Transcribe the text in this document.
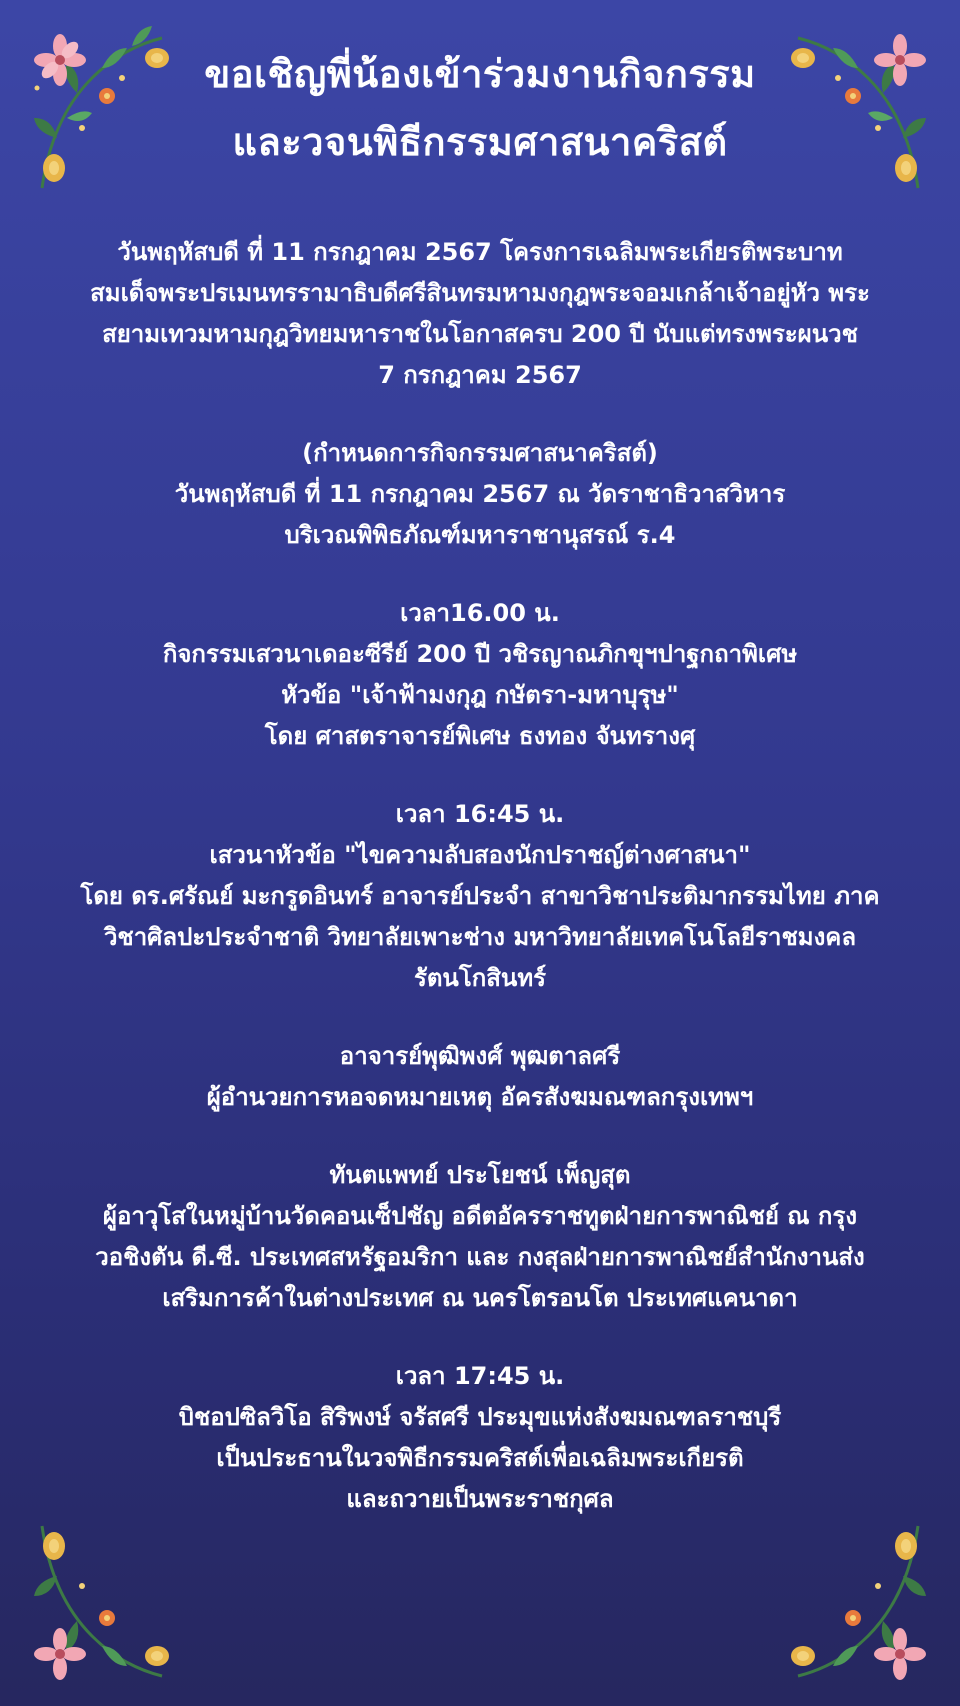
ขอเชิญพี่น้องเข้าร่วมงานกิจกรรม
และวจนพิธีกรรมศาสนาคริสต์
วันพฤหัสบดี ที่ 11 กรกฎาคม 2567 โครงการเฉลิมพระเกียรติพระบาท
สมเด็จพระปรเมนทรรามาธิบดีศรีสินทรมหามงกุฎพระจอมเกล้าเจ้าอยู่หัว พระ
สยามเทวมหามกุฎวิทยมหาราชในโอกาสครบ 200 ปี นับแต่ทรงพระผนวช
7 กรกฎาคม 2567
(กำหนดการกิจกรรมศาสนาคริสต์)
วันพฤหัสบดี ที่ 11 กรกฎาคม 2567 ณ วัดราชาธิวาสวิหาร
บริเวณพิพิธภัณฑ์มหาราชานุสรณ์ ร.4
เวลา16.00 น.
กิจกรรมเสวนาเดอะซีรีย์ 200 ปี วชิรญาณภิกขุฯปาฐกถาพิเศษ
หัวข้อ "เจ้าฟ้ามงกุฎ กษัตรา-มหาบุรุษ"
โดย ศาสตราจารย์พิเศษ ธงทอง จันทรางศุ
เวลา 16:45 น.
เสวนาหัวข้อ "ไขความลับสองนักปราชญ์ต่างศาสนา"
โดย ดร.ศรัณย์ มะกรูดอินทร์ อาจารย์ประจำ สาขาวิชาประติมากรรมไทย ภาค
วิชาศิลปะประจำชาติ วิทยาลัยเพาะช่าง มหาวิทยาลัยเทคโนโลยีราชมงคล
รัตนโกสินทร์
อาจารย์พุฒิพงศ์ พุฒตาลศรี
ผู้อำนวยการหอจดหมายเหตุ อัครสังฆมณฑลกรุงเทพฯ
ทันตแพทย์ ประโยชน์ เพ็ญสุต
ผู้อาวุโสในหมู่บ้านวัดคอนเซ็ปชัญ อดีตอัครราชทูตฝ่ายการพาณิชย์ ณ กรุง
วอชิงตัน ดี.ซี. ประเทศสหรัฐอมริกา และ กงสุลฝ่ายการพาณิชย์สำนักงานส่ง
เสริมการค้าในต่างประเทศ ณ นครโตรอนโต ประเทศแคนาดา
เวลา 17:45 น.
บิชอปซิลวิโอ สิริพงษ์ จรัสศรี ประมุขแห่งสังฆมณฑลราชบุรี
เป็นประธานในวจพิธีกรรมคริสต์เพื่อเฉลิมพระเกียรติ
และถวายเป็นพระราชกุศล
